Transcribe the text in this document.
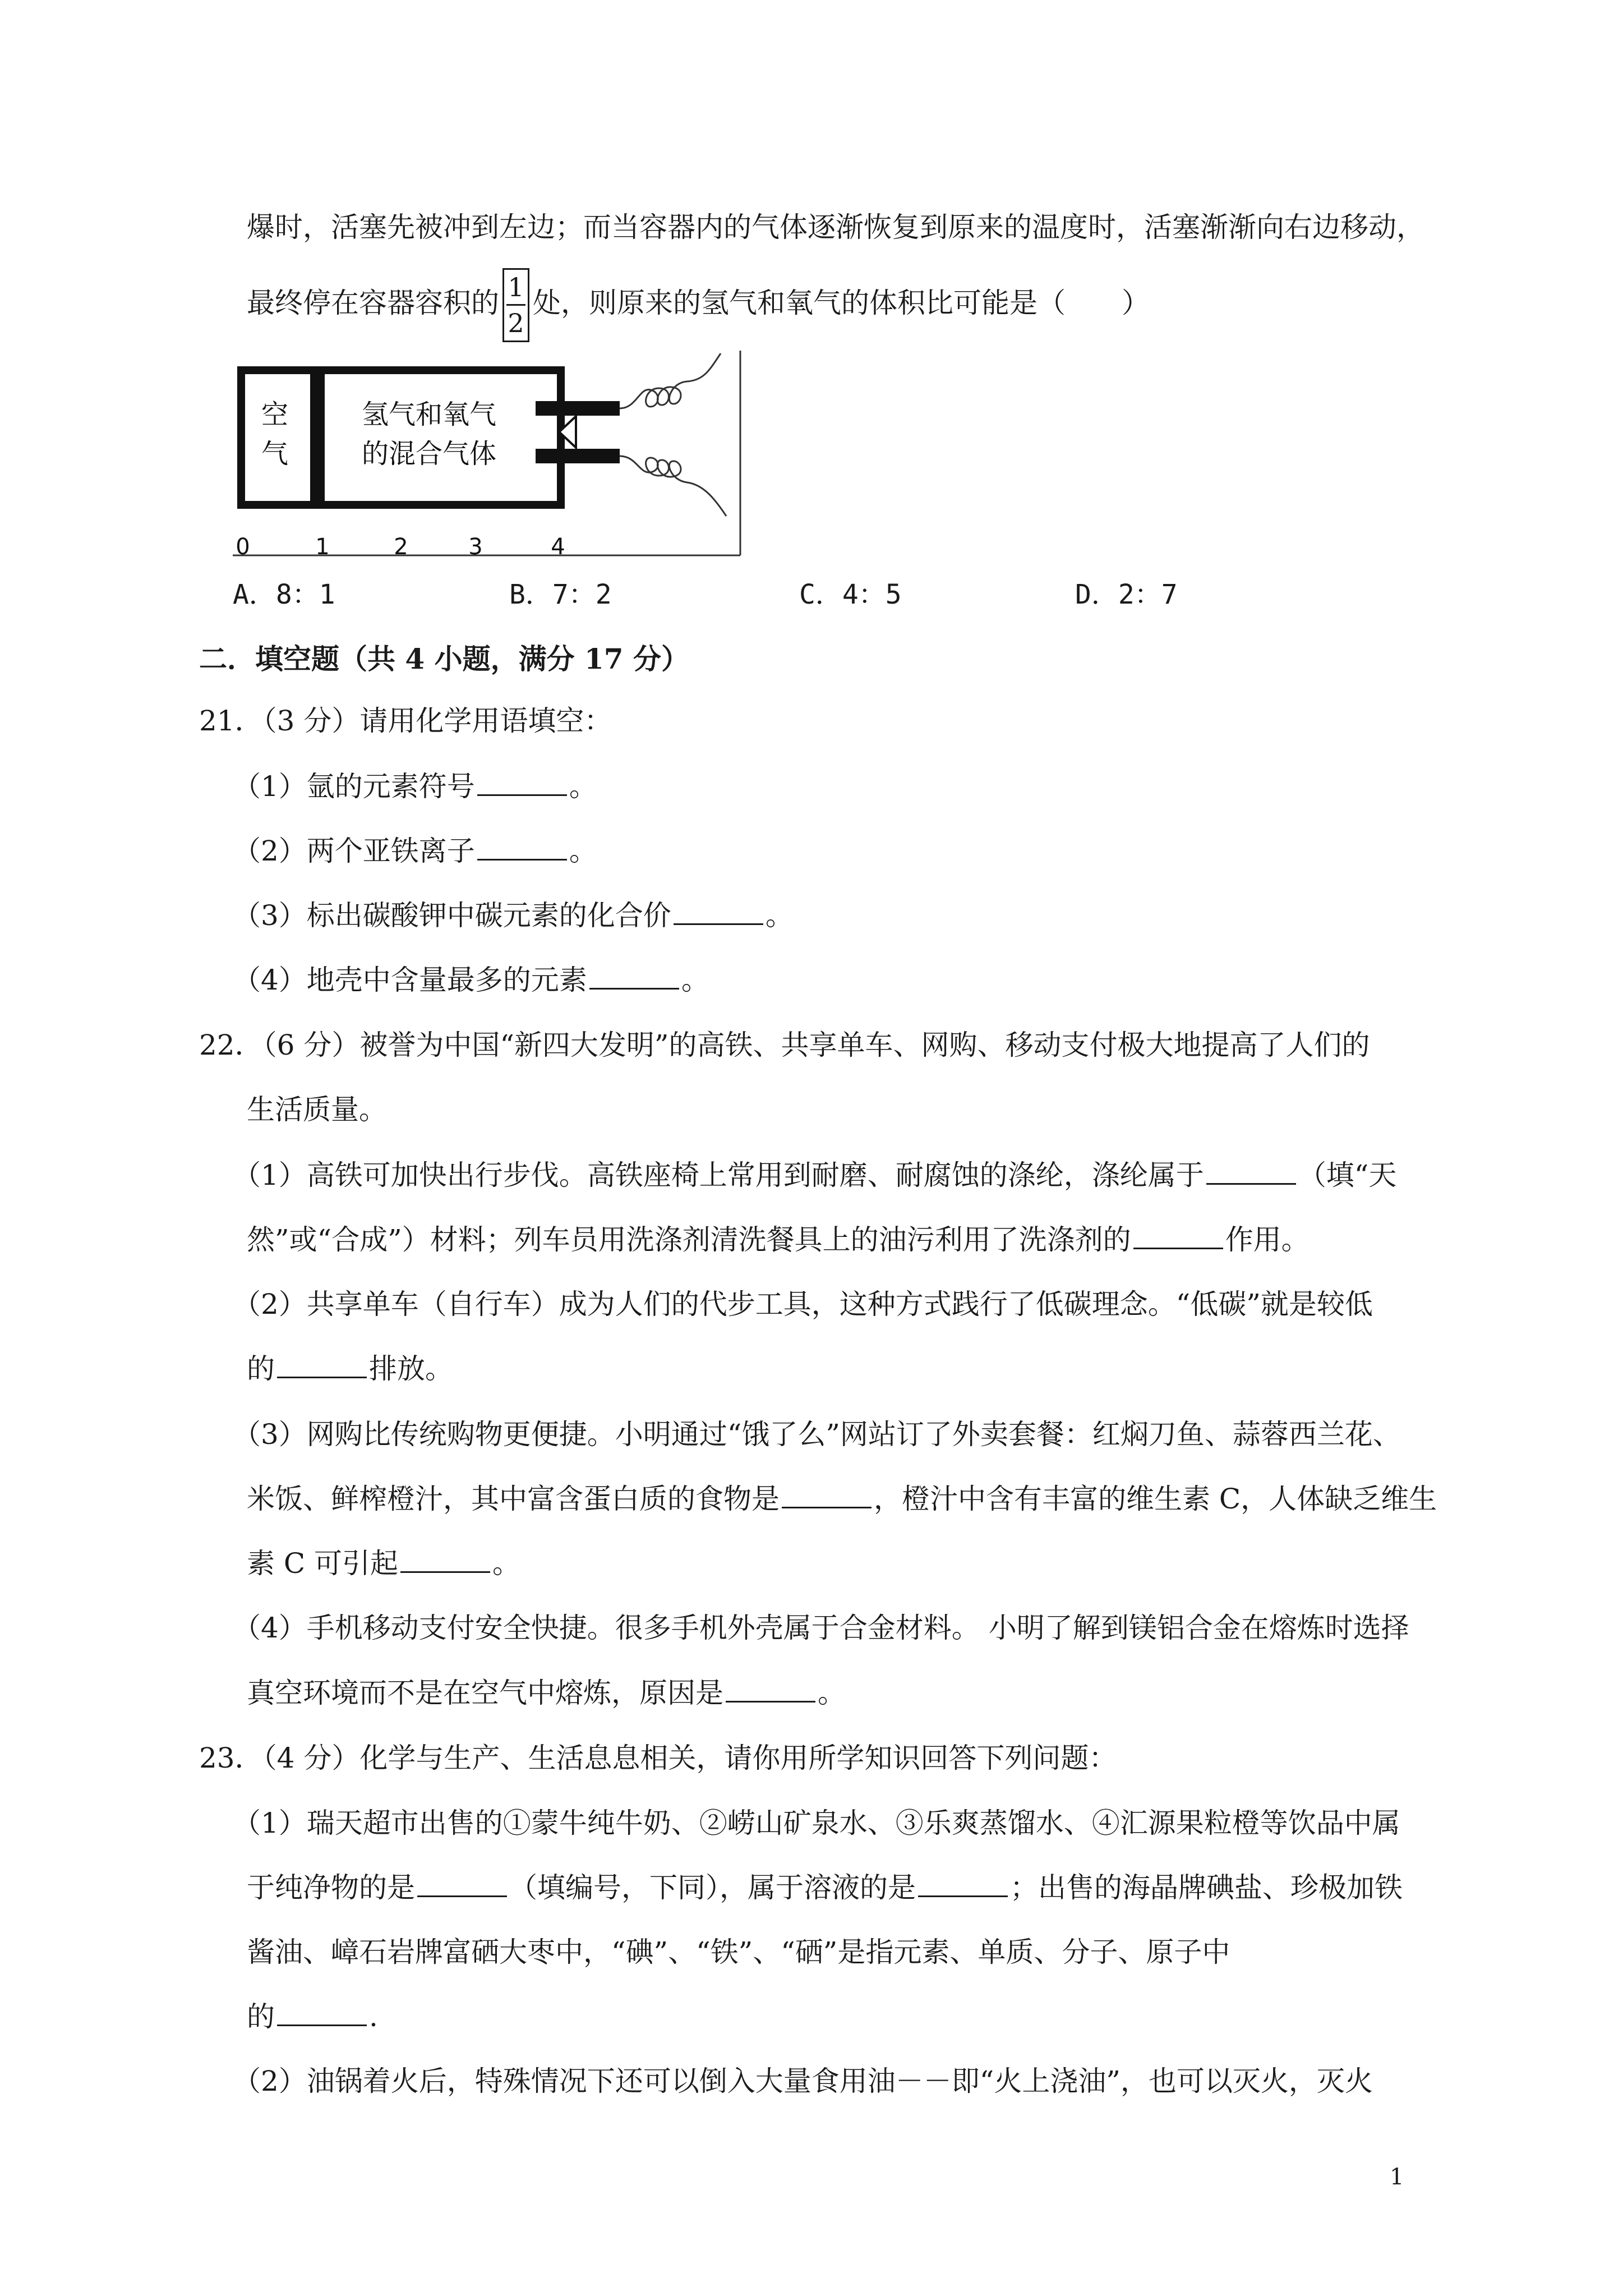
爆时，活塞先被冲到左边；而当容器内的气体逐渐恢复到原来的温度时，活塞渐渐向右边移动，
最终停在容器容积的 $\frac{1}{2}$ 处，则原来的氢气和氧气的体积比可能是（　　）
空
气
氢气和氧气
的混合气体
0	1	2	3	4
A．8：1	B．7：2	C．4：5	D．2：7
二．填空题（共 4 小题，满分 17 分）
21．（3 分）请用化学用语填空：
（1）氩的元素符号	。
（2）两个亚铁离子	。
（3）标出碳酸钾中碳元素的化合价	。
（4）地壳中含量最多的元素	。
22．（6 分）被誉为中国“新四大发明”的高铁、共享单车、网购、移动支付极大地提高了人们的
生活质量。
（1）高铁可加快出行步伐。高铁座椅上常用到耐磨、耐腐蚀的涤纶，涤纶属于	（填“天
然”或“合成”）材料；列车员用洗涤剂清洗餐具上的油污利用了洗涤剂的	作用。
（2）共享单车（自行车）成为人们的代步工具，这种方式践行了低碳理念。“低碳”就是较低
的	排放。
（3）网购比传统购物更便捷。小明通过“饿了么”网站订了外卖套餐：红焖刀鱼、蒜蓉西兰花、
米饭、鲜榨橙汁，其中富含蛋白质的食物是	，橙汁中含有丰富的维生素 C，人体缺乏维生
素 C 可引起	。
（4）手机移动支付安全快捷。很多手机外壳属于合金材料。 小明了解到镁铝合金在熔炼时选择
真空环境而不是在空气中熔炼，原因是	。
23．（4 分）化学与生产、生活息息相关，请你用所学知识回答下列问题：
（1）瑞天超市出售的①蒙牛纯牛奶、②崂山矿泉水、③乐爽蒸馏水、④汇源果粒橙等饮品中属
于纯净物的是	（填编号，下同），属于溶液的是	；出售的海晶牌碘盐、珍极加铁
酱油、嶂石岩牌富硒大枣中，“碘”、“铁”、“硒”是指元素、单质、分子、原子中
的	.
（2）油锅着火后，特殊情况下还可以倒入大量食用油－－即“火上浇油”，也可以灭火，灭火
1
